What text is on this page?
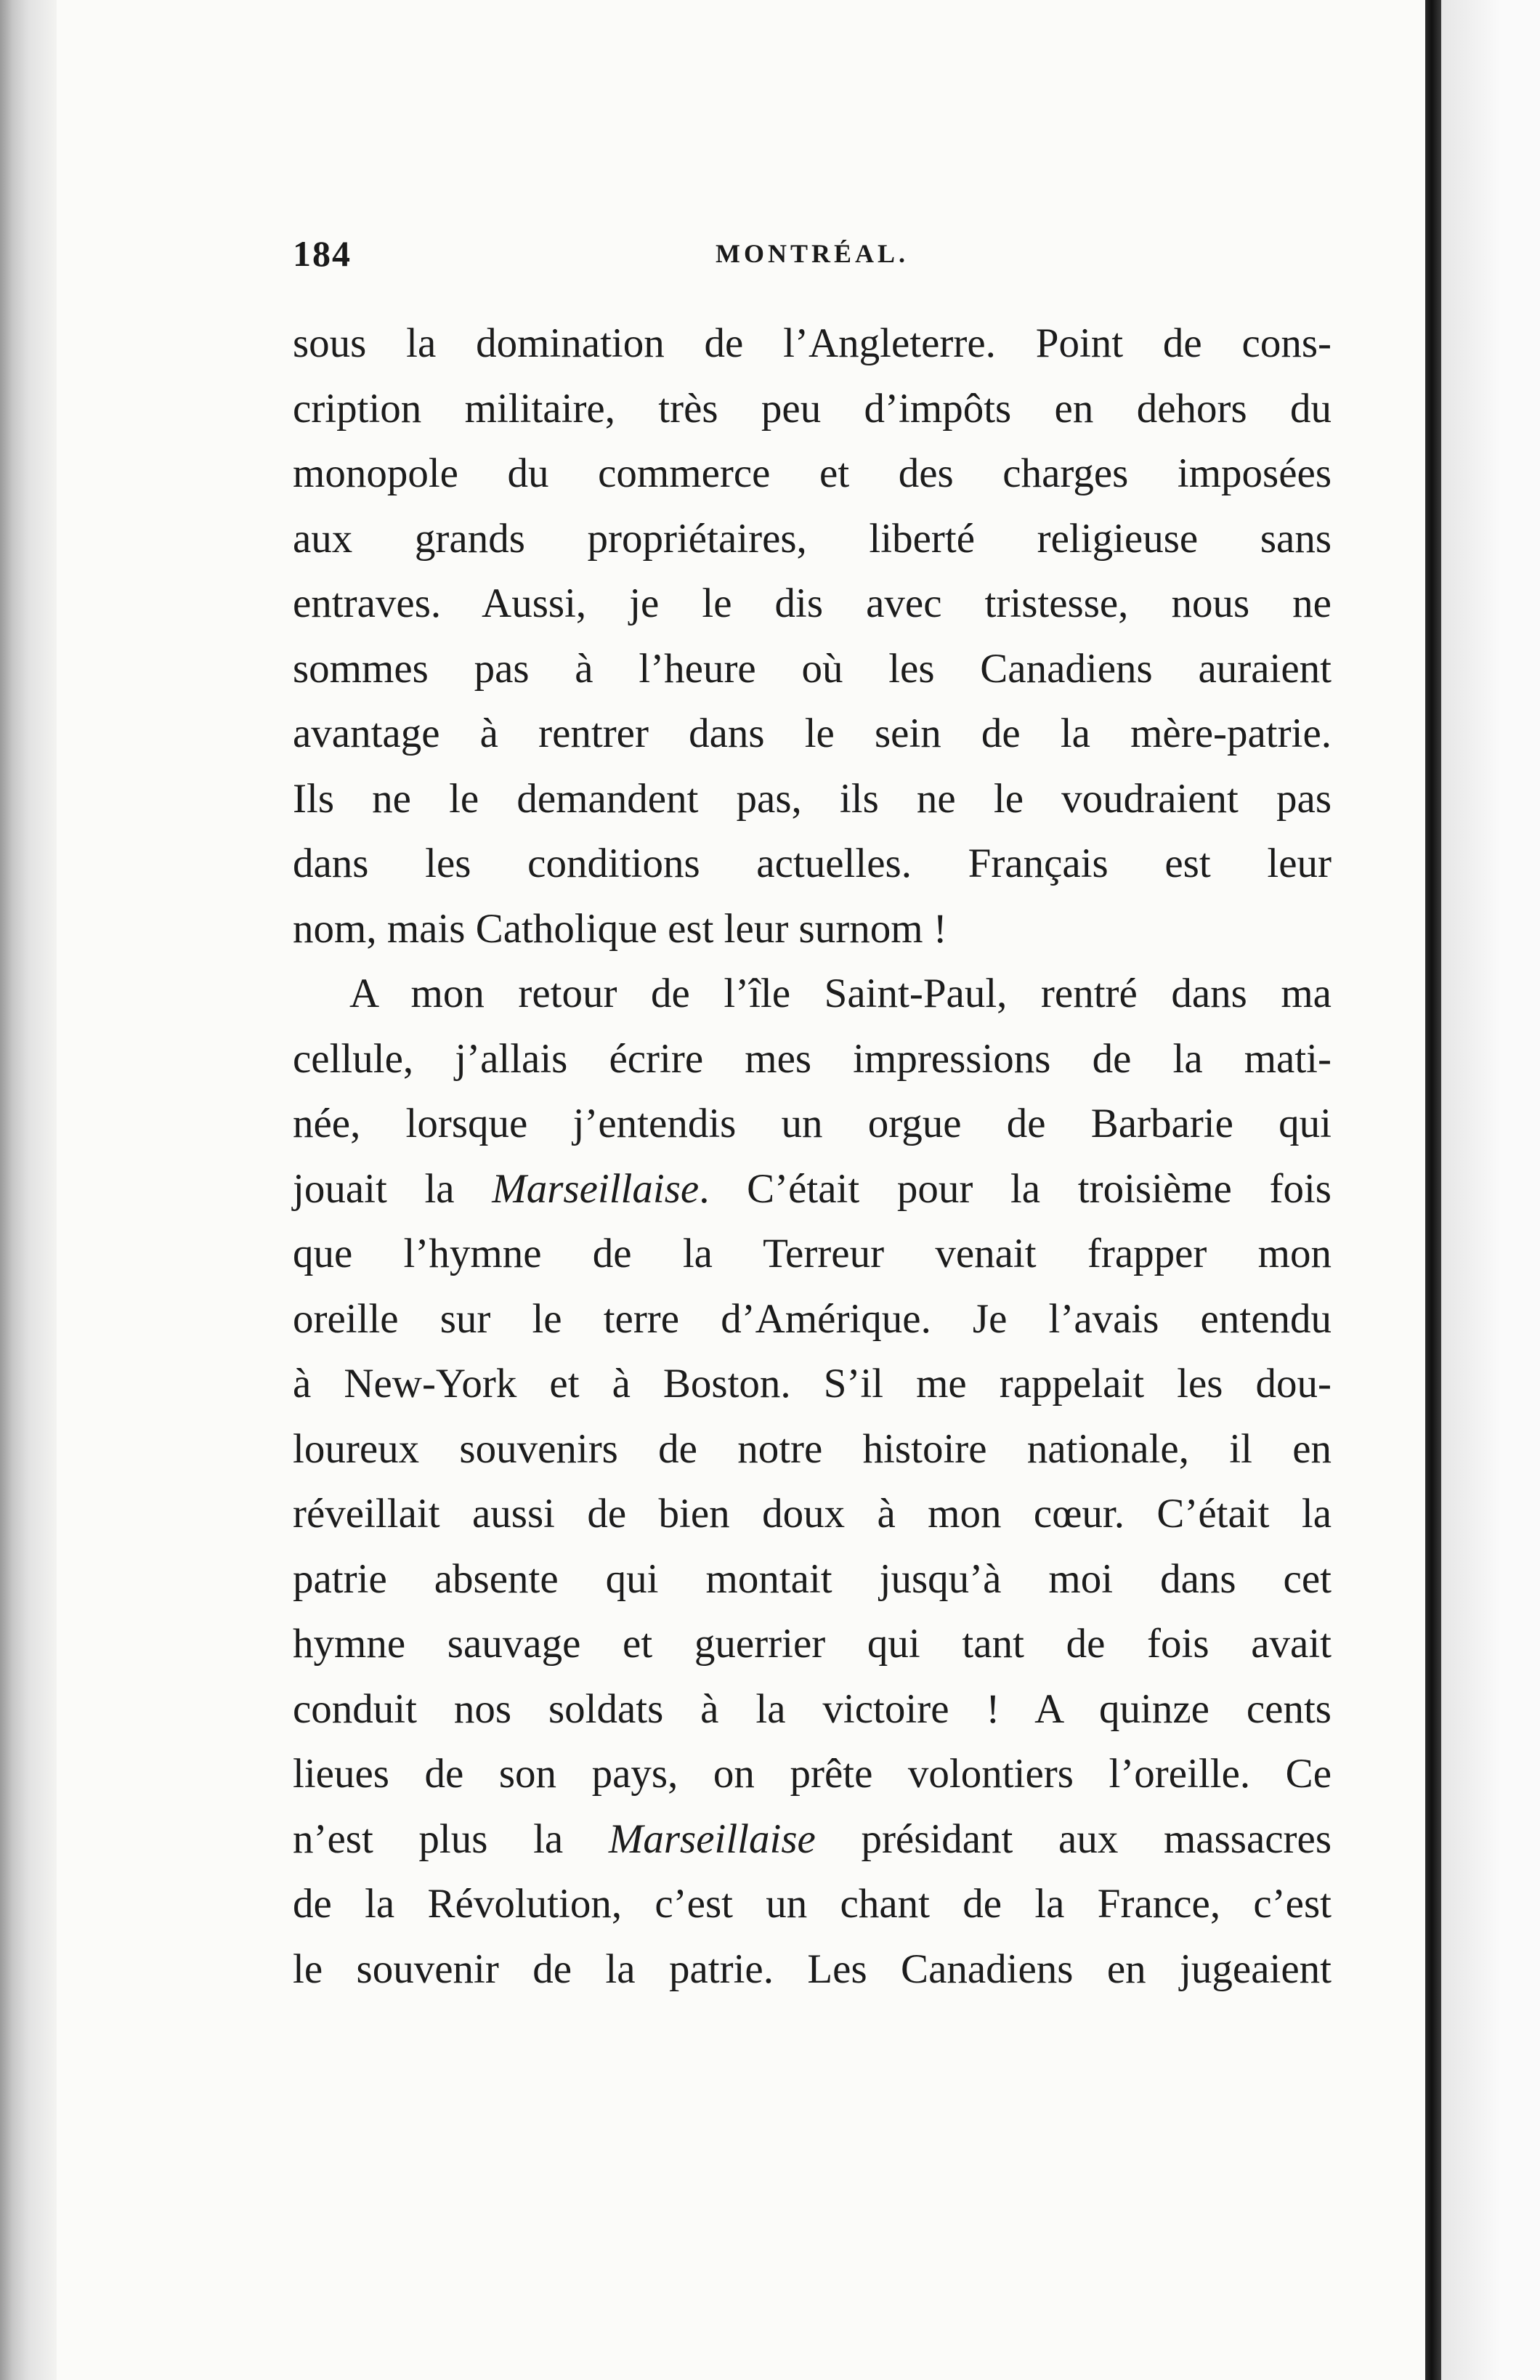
184	MONTRÉAL.
sous la domination de l’Angleterre. Point de cons-
cription militaire, très peu d’impôts en dehors du
monopole du commerce et des charges imposées
aux grands propriétaires, liberté religieuse sans
entraves. Aussi, je le dis avec tristesse, nous ne
sommes pas à l’heure où les Canadiens auraient
avantage à rentrer dans le sein de la mère-patrie.
Ils ne le demandent pas, ils ne le voudraient pas
dans les conditions actuelles. Français est leur
nom, mais Catholique est leur surnom !
A mon retour de l’île Saint-Paul, rentré dans ma
cellule, j’allais écrire mes impressions de la mati-
née, lorsque j’entendis un orgue de Barbarie qui
jouait la Marseillaise. C’était pour la troisième fois
que l’hymne de la Terreur venait frapper mon
oreille sur le terre d’Amérique. Je l’avais entendu
à New-York et à Boston. S’il me rappelait les dou-
loureux souvenirs de notre histoire nationale, il en
réveillait aussi de bien doux à mon cœur. C’était la
patrie absente qui montait jusqu’à moi dans cet
hymne sauvage et guerrier qui tant de fois avait
conduit nos soldats à la victoire ! A quinze cents
lieues de son pays, on prête volontiers l’oreille. Ce
n’est plus la Marseillaise présidant aux massacres
de la Révolution, c’est un chant de la France, c’est
le souvenir de la patrie. Les Canadiens en jugeaient
